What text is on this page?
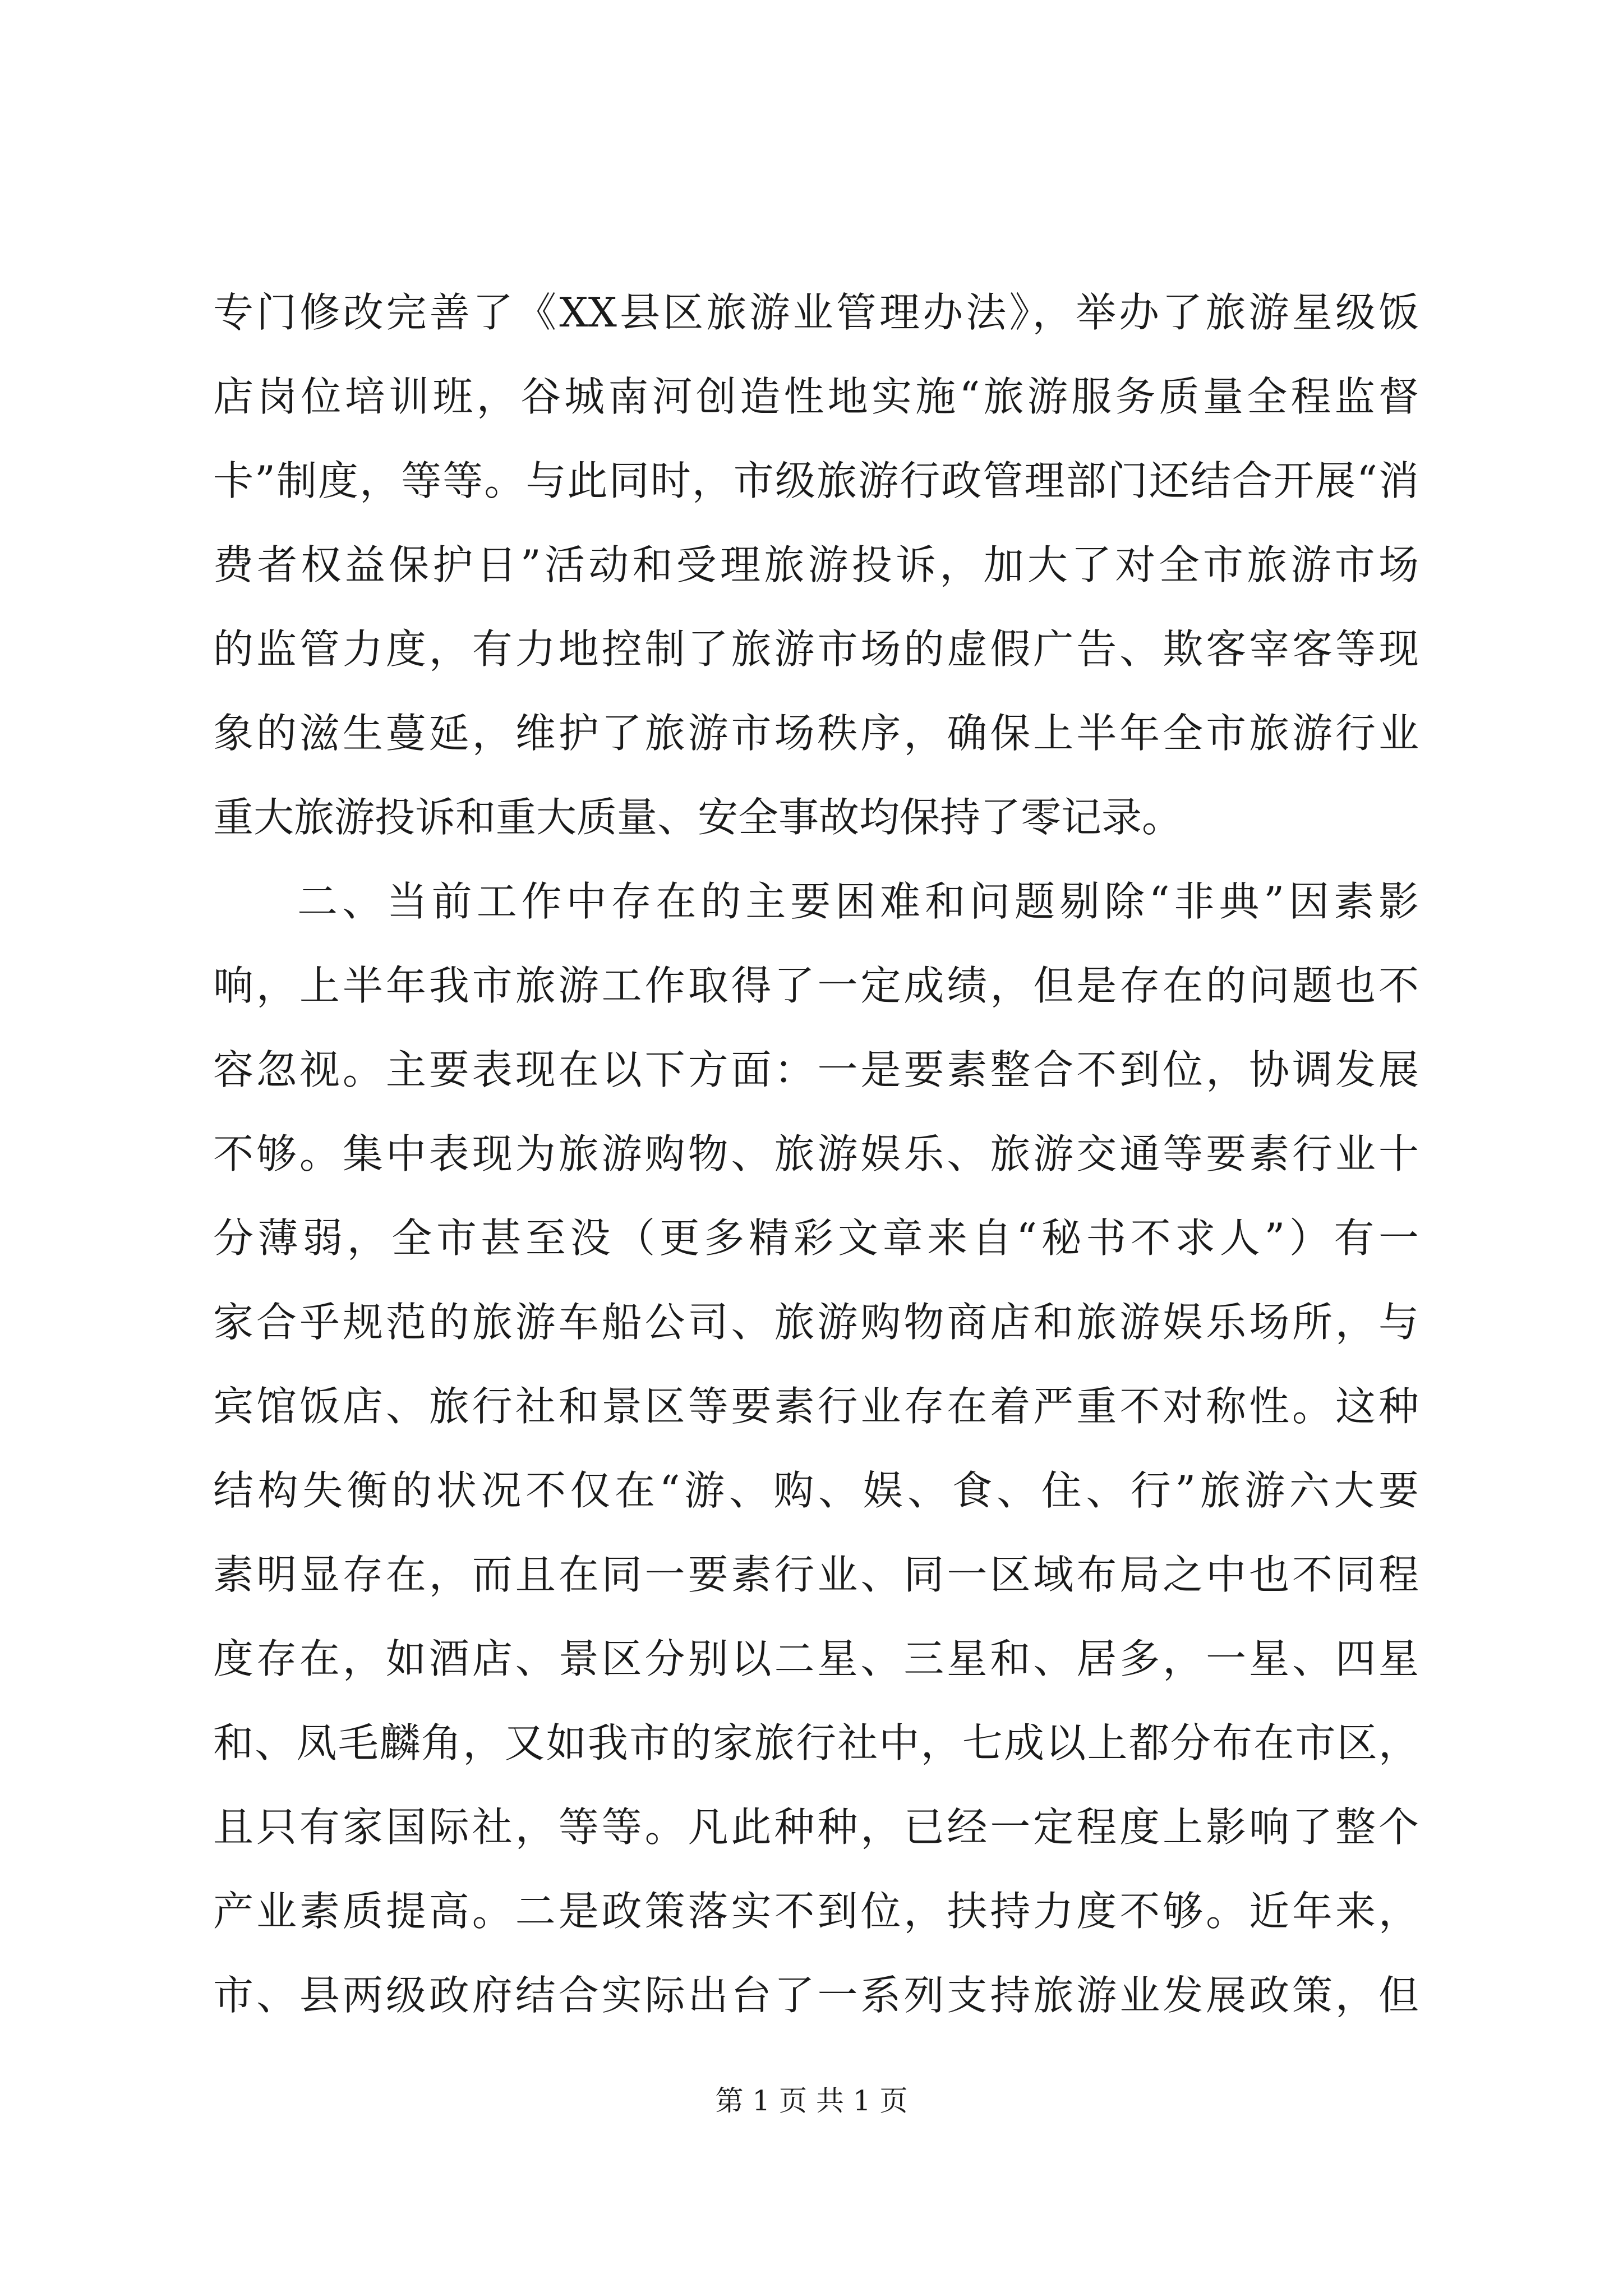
专门修改完善了《XX县区旅游业管理办法》，举办了旅游星级饭
店岗位培训班，谷城南河创造性地实施“旅游服务质量全程监督
卡”制度，等等。与此同时，市级旅游行政管理部门还结合开展“消
费者权益保护日”活动和受理旅游投诉，加大了对全市旅游市场
的监管力度，有力地控制了旅游市场的虚假广告、欺客宰客等现
象的滋生蔓延，维护了旅游市场秩序，确保上半年全市旅游行业
重大旅游投诉和重大质量、安全事故均保持了零记录。
二、当前工作中存在的主要困难和问题剔除“非典”因素影
响，上半年我市旅游工作取得了一定成绩，但是存在的问题也不
容忽视。主要表现在以下方面：一是要素整合不到位，协调发展
不够。集中表现为旅游购物、旅游娱乐、旅游交通等要素行业十
分薄弱，全市甚至没（更多精彩文章来自“秘书不求人”）有一
家合乎规范的旅游车船公司、旅游购物商店和旅游娱乐场所，与
宾馆饭店、旅行社和景区等要素行业存在着严重不对称性。这种
结构失衡的状况不仅在“游、购、娱、食、住、行”旅游六大要
素明显存在，而且在同一要素行业、同一区域布局之中也不同程
度存在，如酒店、景区分别以二星、三星和、居多，一星、四星
和、凤毛麟角，又如我市的家旅行社中，七成以上都分布在市区，
且只有家国际社，等等。凡此种种，已经一定程度上影响了整个
产业素质提高。二是政策落实不到位，扶持力度不够。近年来，
市、县两级政府结合实际出台了一系列支持旅游业发展政策，但
第 1 页 共 1 页
